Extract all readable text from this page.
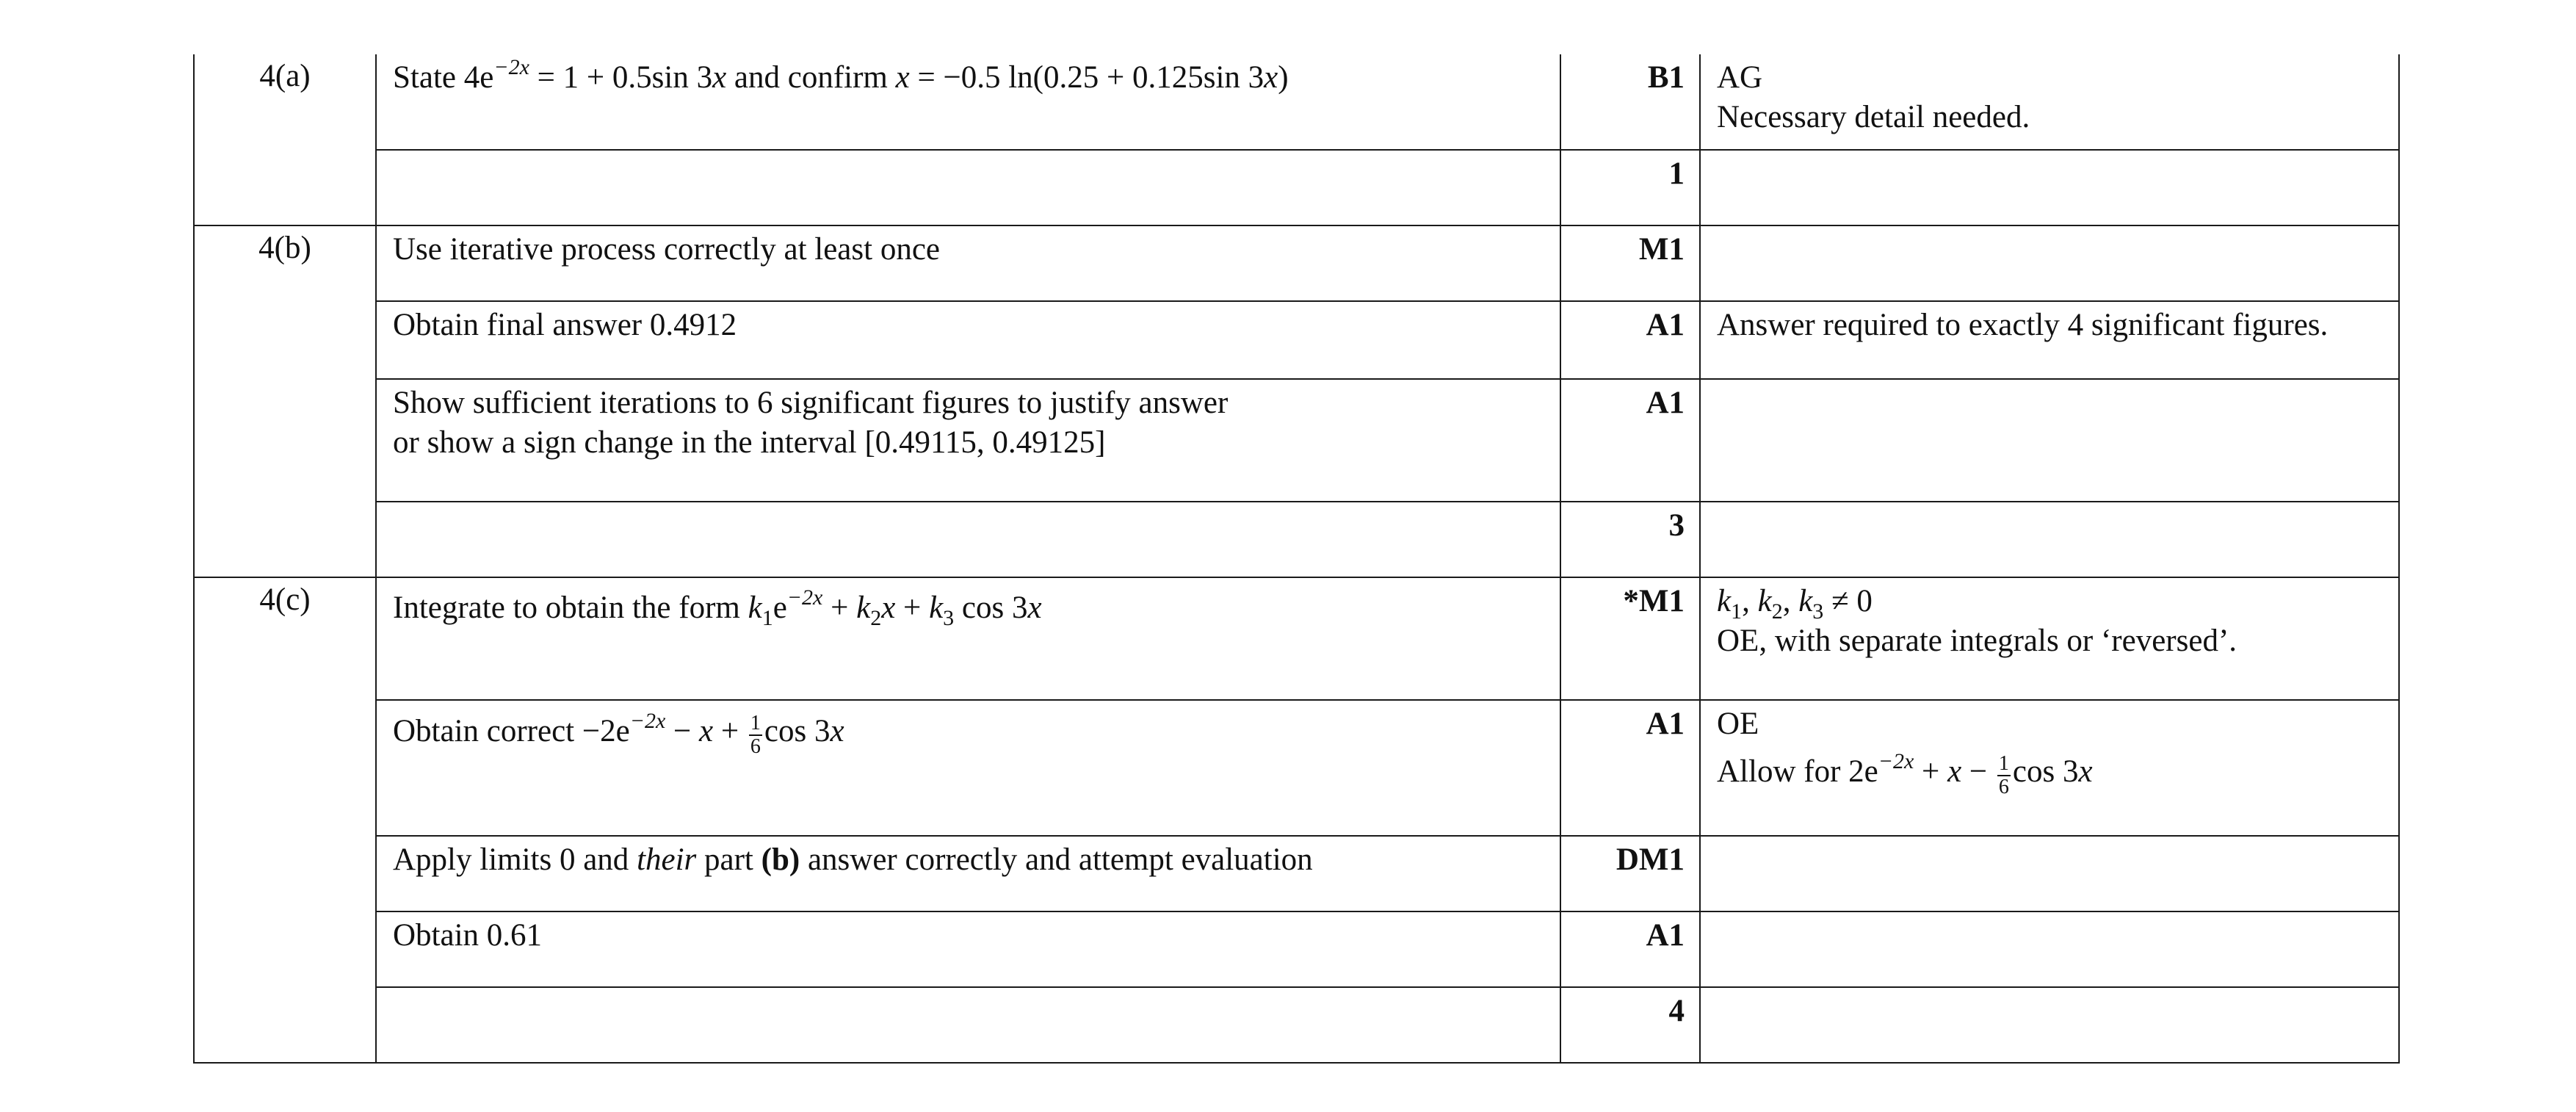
4(a)	State $4e^{-2x} = 1 + 0.5\sin$ 3x and confirm x = −0.5 ln(0.25 + 0.125sin 3x)	B1	AG
Necessary detail needed.

		1	

4(b)	Use iterative process correctly at least once	M1	

	Obtain final answer 0.4912	A1	Answer required to exactly 4 significant figures.

	Show sufficient iterations to 6 significant figures to justify answer
or show a sign change in the interval [0.49115, 0.49125]	A1	

		3	

4(c)	Integrate to obtain the form $k_1e^{-2x} + k_2x + k_3$ cos 3x	*M1	$k_1$, $k_2$, $k_3 \ne 0$
OE, with separate integrals or ‘reversed’.

	Obtain correct $-2e^{-2x} - x + \frac{1}{6}$ cos 3x	A1	OE
Allow for $2e^{-2x} + x - \frac{1}{6}$ cos 3x

	Apply limits 0 and their part (b) answer correctly and attempt evaluation	DM1	

	Obtain 0.61	A1	

		4	
